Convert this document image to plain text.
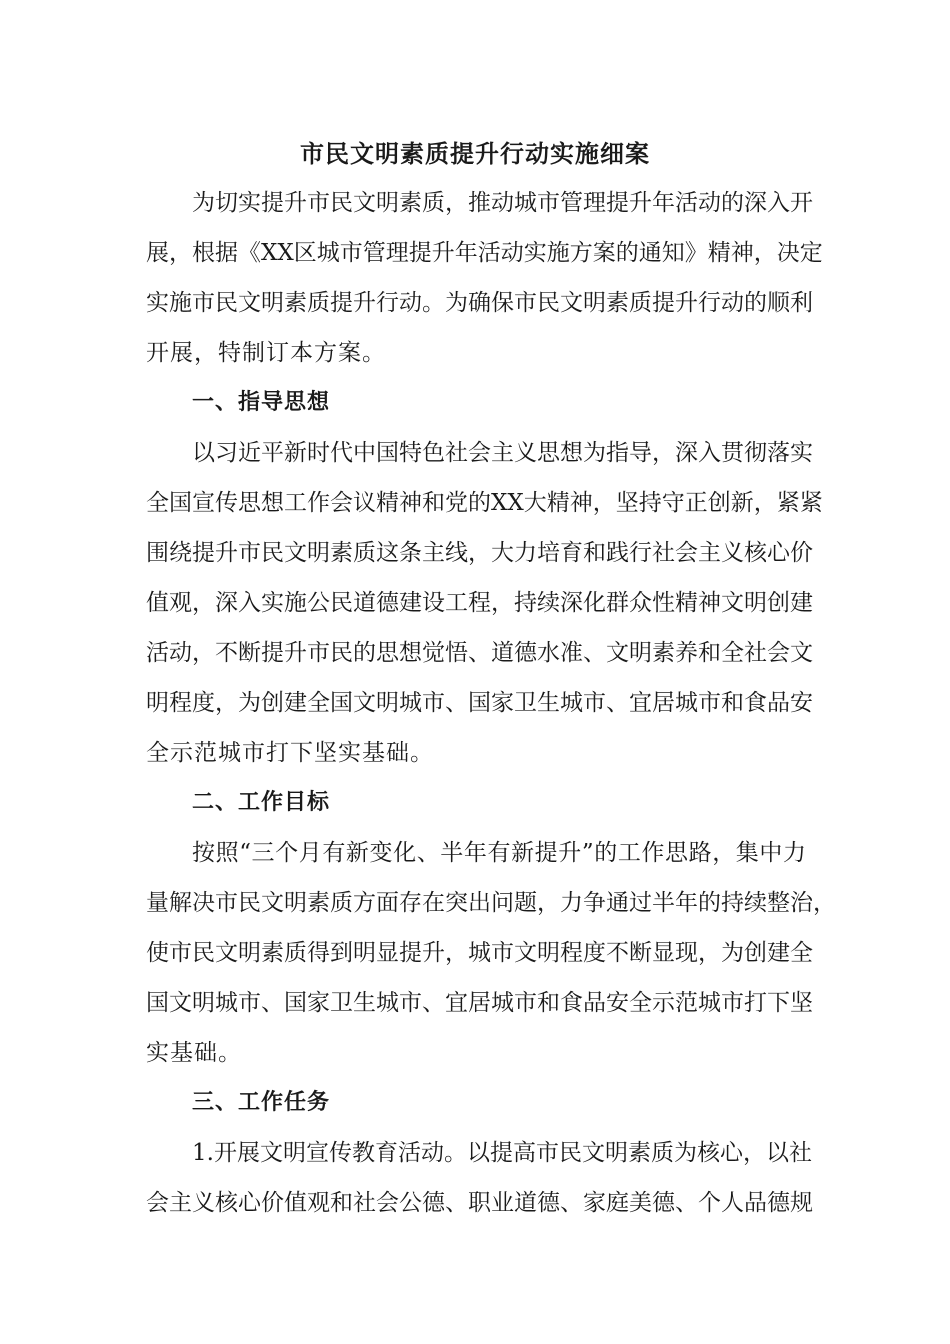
市民文明素质提升行动实施细案

为切实提升市民文明素质，推动城市管理提升年活动的深入开

展，根据《XX区城市管理提升年活动实施方案的通知》精神，决定

实施市民文明素质提升行动。为确保市民文明素质提升行动的顺利

开展，特制订本方案。

一、指导思想

以习近平新时代中国特色社会主义思想为指导，深入贯彻落实

全国宣传思想工作会议精神和党的XX大精神，坚持守正创新，紧紧

围绕提升市民文明素质这条主线，大力培育和践行社会主义核心价

值观，深入实施公民道德建设工程，持续深化群众性精神文明创建

活动，不断提升市民的思想觉悟、道德水准、文明素养和全社会文

明程度，为创建全国文明城市、国家卫生城市、宜居城市和食品安

全示范城市打下坚实基础。

二、工作目标

按照“三个月有新变化、半年有新提升”的工作思路，集中力

量解决市民文明素质方面存在突出问题，力争通过半年的持续整治，

使市民文明素质得到明显提升，城市文明程度不断显现，为创建全

国文明城市、国家卫生城市、宜居城市和食品安全示范城市打下坚

实基础。

三、工作任务

1.开展文明宣传教育活动。以提高市民文明素质为核心，以社

会主义核心价值观和社会公德、职业道德、家庭美德、个人品德规
